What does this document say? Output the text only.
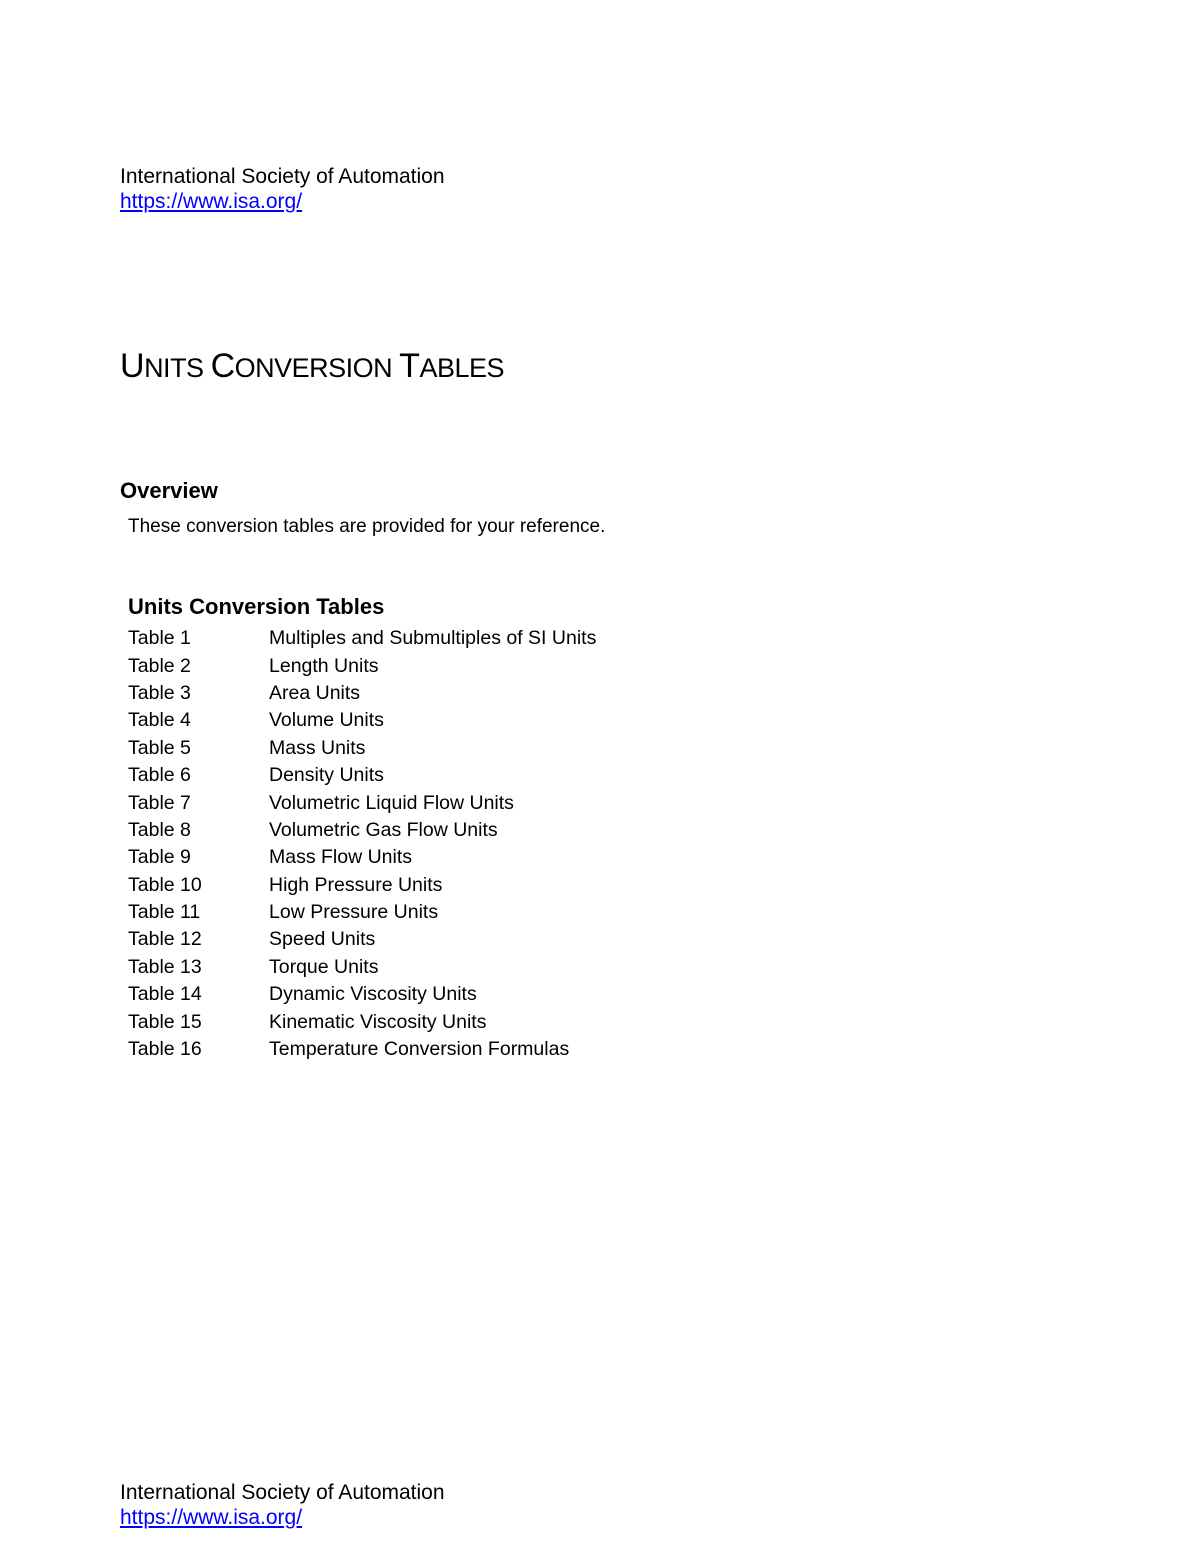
International Society of Automation
https://www.isa.org/
UNITS CONVERSION TABLES
Overview

These conversion tables are provided for your reference.

Units Conversion Tables
Table 1	Multiples and Submultiples of SI Units
Table 2	Length Units
Table 3	Area Units
Table 4	Volume Units
Table 5	Mass Units
Table 6	Density Units
Table 7	Volumetric Liquid Flow Units
Table 8	Volumetric Gas Flow Units
Table 9	Mass Flow Units
Table 10	High Pressure Units
Table 11	Low Pressure Units
Table 12	Speed Units
Table 13	Torque Units
Table 14	Dynamic Viscosity Units
Table 15	Kinematic Viscosity Units
Table 16	Temperature Conversion Formulas
International Society of Automation
https://www.isa.org/
